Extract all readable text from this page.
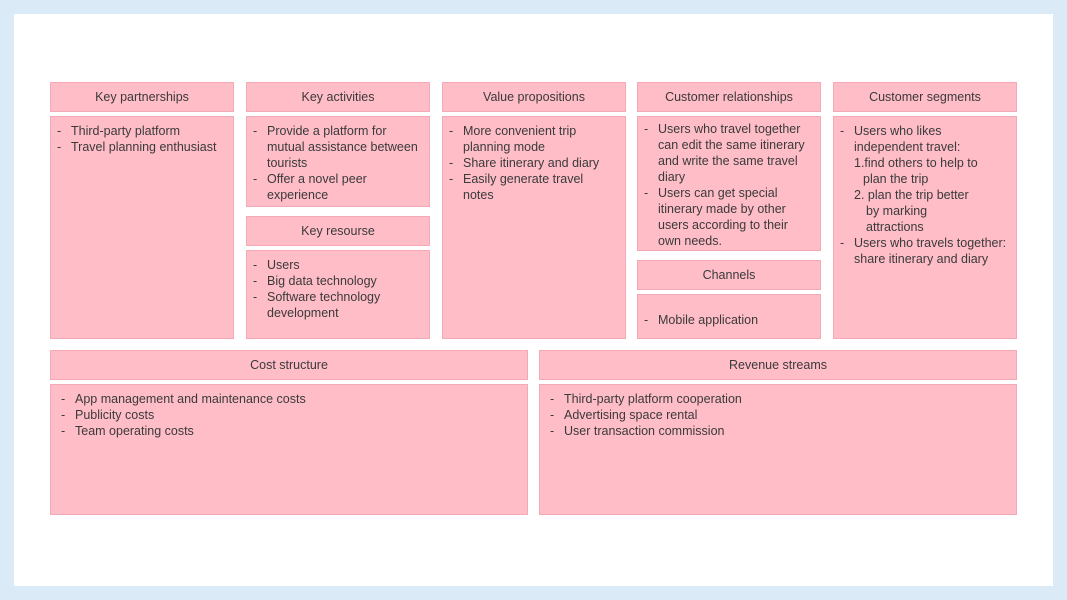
Key partnerships
- Third-party platform
- Travel planning enthusiast
Key activities
- Provide a platform for mutual assistance between tourists
- Offer a novel peer experience
Key resourse
- Users
- Big data technology
- Software technology development
Value propositions
- More convenient trip planning mode
- Share itinerary and diary
- Easily generate travel notes
Customer relationships
- Users who travel together can edit the same itinerary and write the same travel diary
- Users can get special itinerary made by other users according to their own needs.
Channels
- Mobile application
Customer segments
- Users who likes independent travel:
1.find others to help to
plan the trip
2. plan the trip better
by marking
attractions
- Users who travels together: share itinerary and diary
Cost structure
- App management and maintenance costs
- Publicity costs
- Team operating costs
Revenue streams
- Third-party platform cooperation
- Advertising space rental
- User transaction commission
